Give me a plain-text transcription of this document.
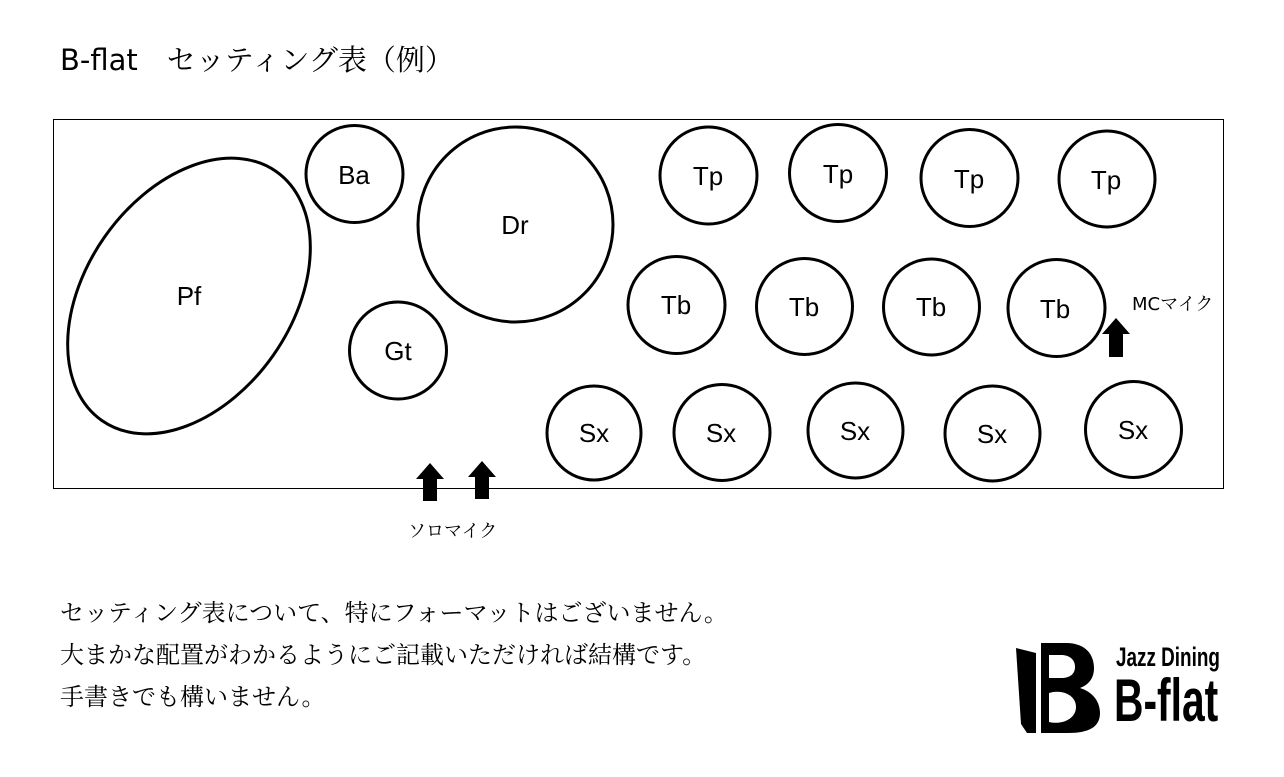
B-flat　セッティング表（例）
Pf
Ba
Dr
Gt
Tp	Tp	Tp	Tp
Tb	Tb	Tb	Tb
Sx	Sx	Sx	Sx	Sx
Jazz Dining
B-flat
MCマイク
ソロマイク
セッティング表について、特にフォーマットはございません。
大まかな配置がわかるようにご記載いただければ結構です。
手書きでも構いません。
